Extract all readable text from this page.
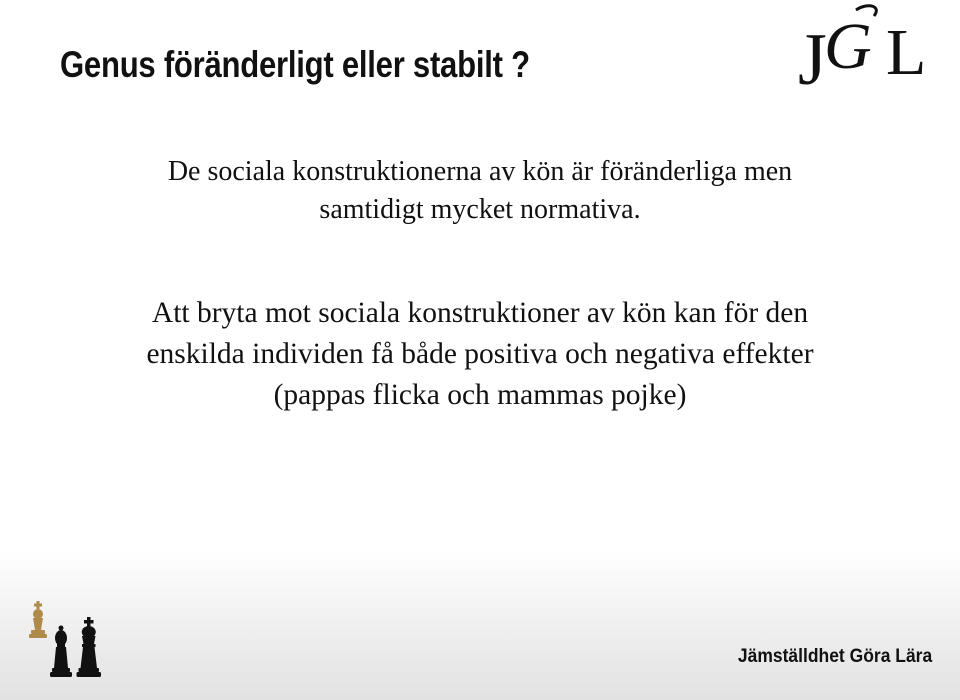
Genus föränderligt eller stabilt ?	J
G L

De sociala konstruktionerna av kön är föränderliga men
samtidigt mycket normativa.

Att bryta mot sociala konstruktioner av kön kan för den
enskilda individen få både positiva och negativa effekter
(pappas flicka och mammas pojke)

Jämställdhet Göra Lära
